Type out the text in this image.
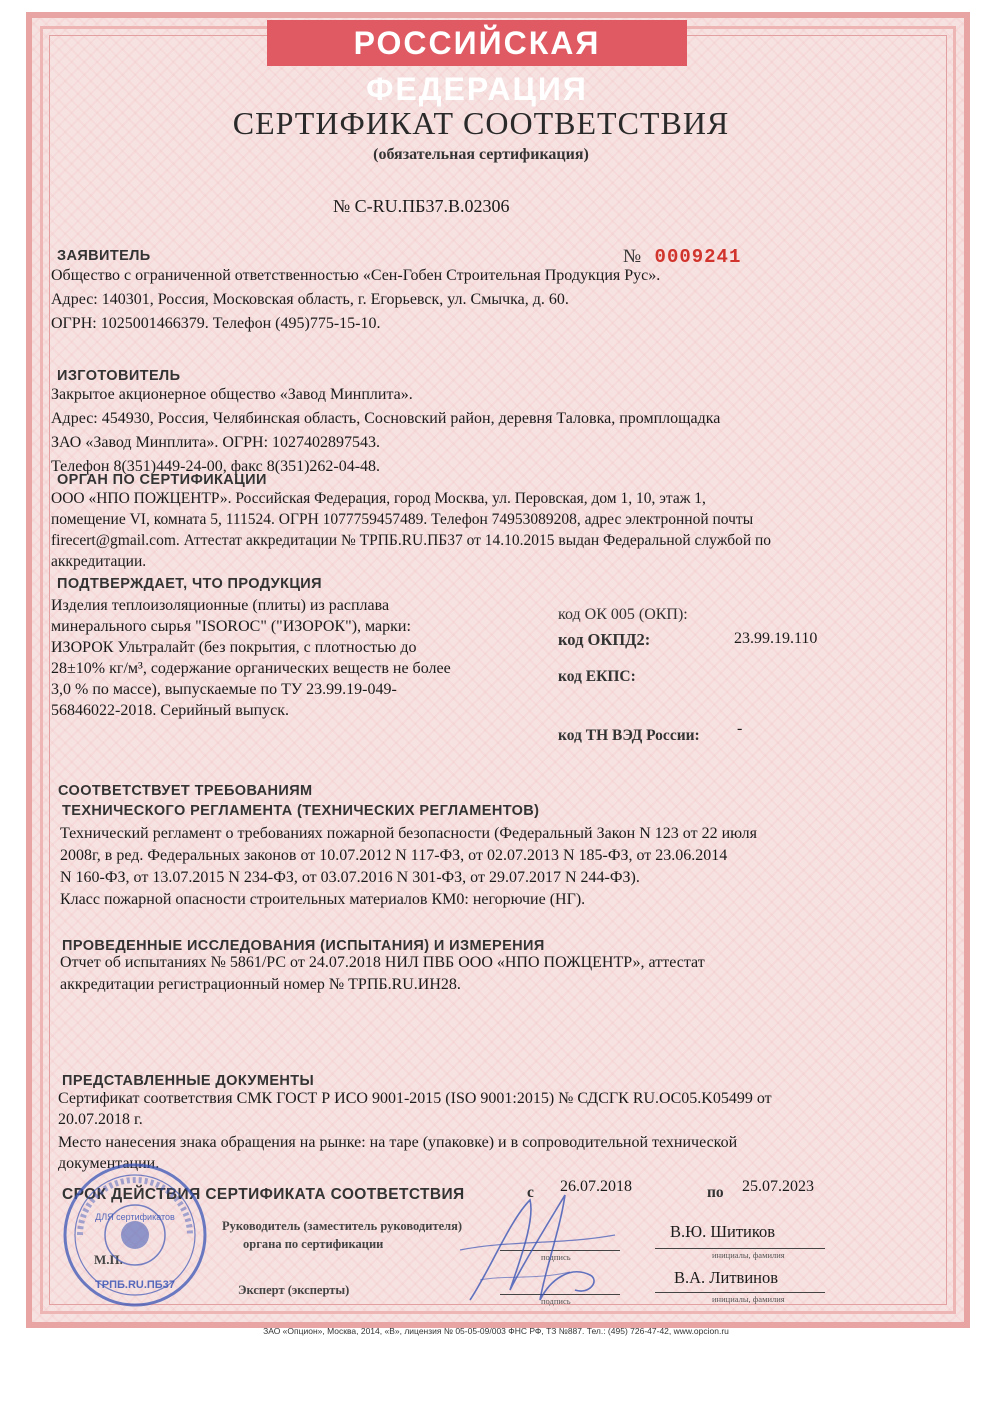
РОССИЙСКАЯ ФЕДЕРАЦИЯ
СЕРТИФИКАТ СООТВЕТСТВИЯ
(обязательная сертификация)
№ C-RU.ПБ37.В.02306
№ 0009241
ЗАЯВИТЕЛЬ
Общество с ограниченной ответственностью «Сен-Гобен Строительная Продукция Рус».
Адрес: 140301, Россия, Московская область, г. Егорьевск, ул. Смычка, д. 60.
ОГРН: 1025001466379. Телефон (495)775-15-10.
ИЗГОТОВИТЕЛЬ
Закрытое акционерное общество «Завод Минплита».
Адрес: 454930, Россия, Челябинская область, Сосновский район, деревня Таловка, промплощадка
ЗАО «Завод Минплита». ОГРН: 1027402897543.
Телефон 8(351)449-24-00, факс 8(351)262-04-48.
ОРГАН ПО СЕРТИФИКАЦИИ
ООО «НПО ПОЖЦЕНТР». Российская Федерация, город Москва, ул. Перовская, дом 1, 10, этаж 1,
помещение VI, комната 5, 111524. ОГРН 1077759457489. Телефон 74953089208, адрес электронной почты
firecert@gmail.com. Аттестат аккредитации № ТРПБ.RU.ПБ37 от 14.10.2015 выдан Федеральной службой по
аккредитации.
ПОДТВЕРЖДАЕТ, ЧТО ПРОДУКЦИЯ
Изделия теплоизоляционные (плиты) из расплава
минерального сырья "ISOROC" ("ИЗОРОК"), марки:
ИЗОРОК Ультралайт (без покрытия, с плотностью до
28±10% кг/м³, содержание органических веществ не более
3,0 % по массе), выпускаемые по ТУ 23.99.19-049-
56846022-2018. Серийный выпуск.
код ОК 005 (ОКП):
код ОКПД2:	23.99.19.110
код ЕКПС:
код ТН ВЭД России: -
СООТВЕТСТВУЕТ ТРЕБОВАНИЯМ
ТЕХНИЧЕСКОГО РЕГЛАМЕНТА (ТЕХНИЧЕСКИХ РЕГЛАМЕНТОВ)
Технический регламент о требованиях пожарной безопасности (Федеральный Закон N 123 от 22 июля
2008г, в ред. Федеральных законов от 10.07.2012 N 117-ФЗ, от 02.07.2013 N 185-ФЗ, от 23.06.2014
N 160-ФЗ, от 13.07.2015 N 234-ФЗ, от 03.07.2016 N 301-ФЗ, от 29.07.2017 N 244-ФЗ).
Класс пожарной опасности строительных материалов КМ0: негорючие (НГ).
ПРОВЕДЕННЫЕ ИССЛЕДОВАНИЯ (ИСПЫТАНИЯ) И ИЗМЕРЕНИЯ
Отчет об испытаниях № 5861/РС от 24.07.2018 НИЛ ПВБ ООО «НПО ПОЖЦЕНТР», аттестат
аккредитации регистрационный номер № ТРПБ.RU.ИН28.
ПРЕДСТАВЛЕННЫЕ ДОКУМЕНТЫ
Сертификат соответствия СМК ГОСТ Р ИСО 9001-2015 (ISO 9001:2015) № СДСГК RU.OC05.K05499 от
20.07.2018 г.
Место нанесения знака обращения на рынке: на таре (упаковке) и в сопроводительной технической
документации.
СРОК ДЕЙСТВИЯ СЕРТИФИКАТА СООТВЕТСТВИЯ	с 26.07.2018	по 25.07.2023
Руководитель (заместитель руководителя)
органа по сертификации
подпись
В.Ю. Шитиков
инициалы, фамилия
Эксперт (эксперты)
подпись
В.А. Литвинов
инициалы, фамилия
М.П.
ДЛЯ сертификатов
ТРПБ.RU.ПБ37
ЗАО «Опцион», Москва, 2014, «В», лицензия № 05-05-09/003 ФНС РФ, ТЗ №887. Тел.: (495) 726-47-42, www.opcion.ru
